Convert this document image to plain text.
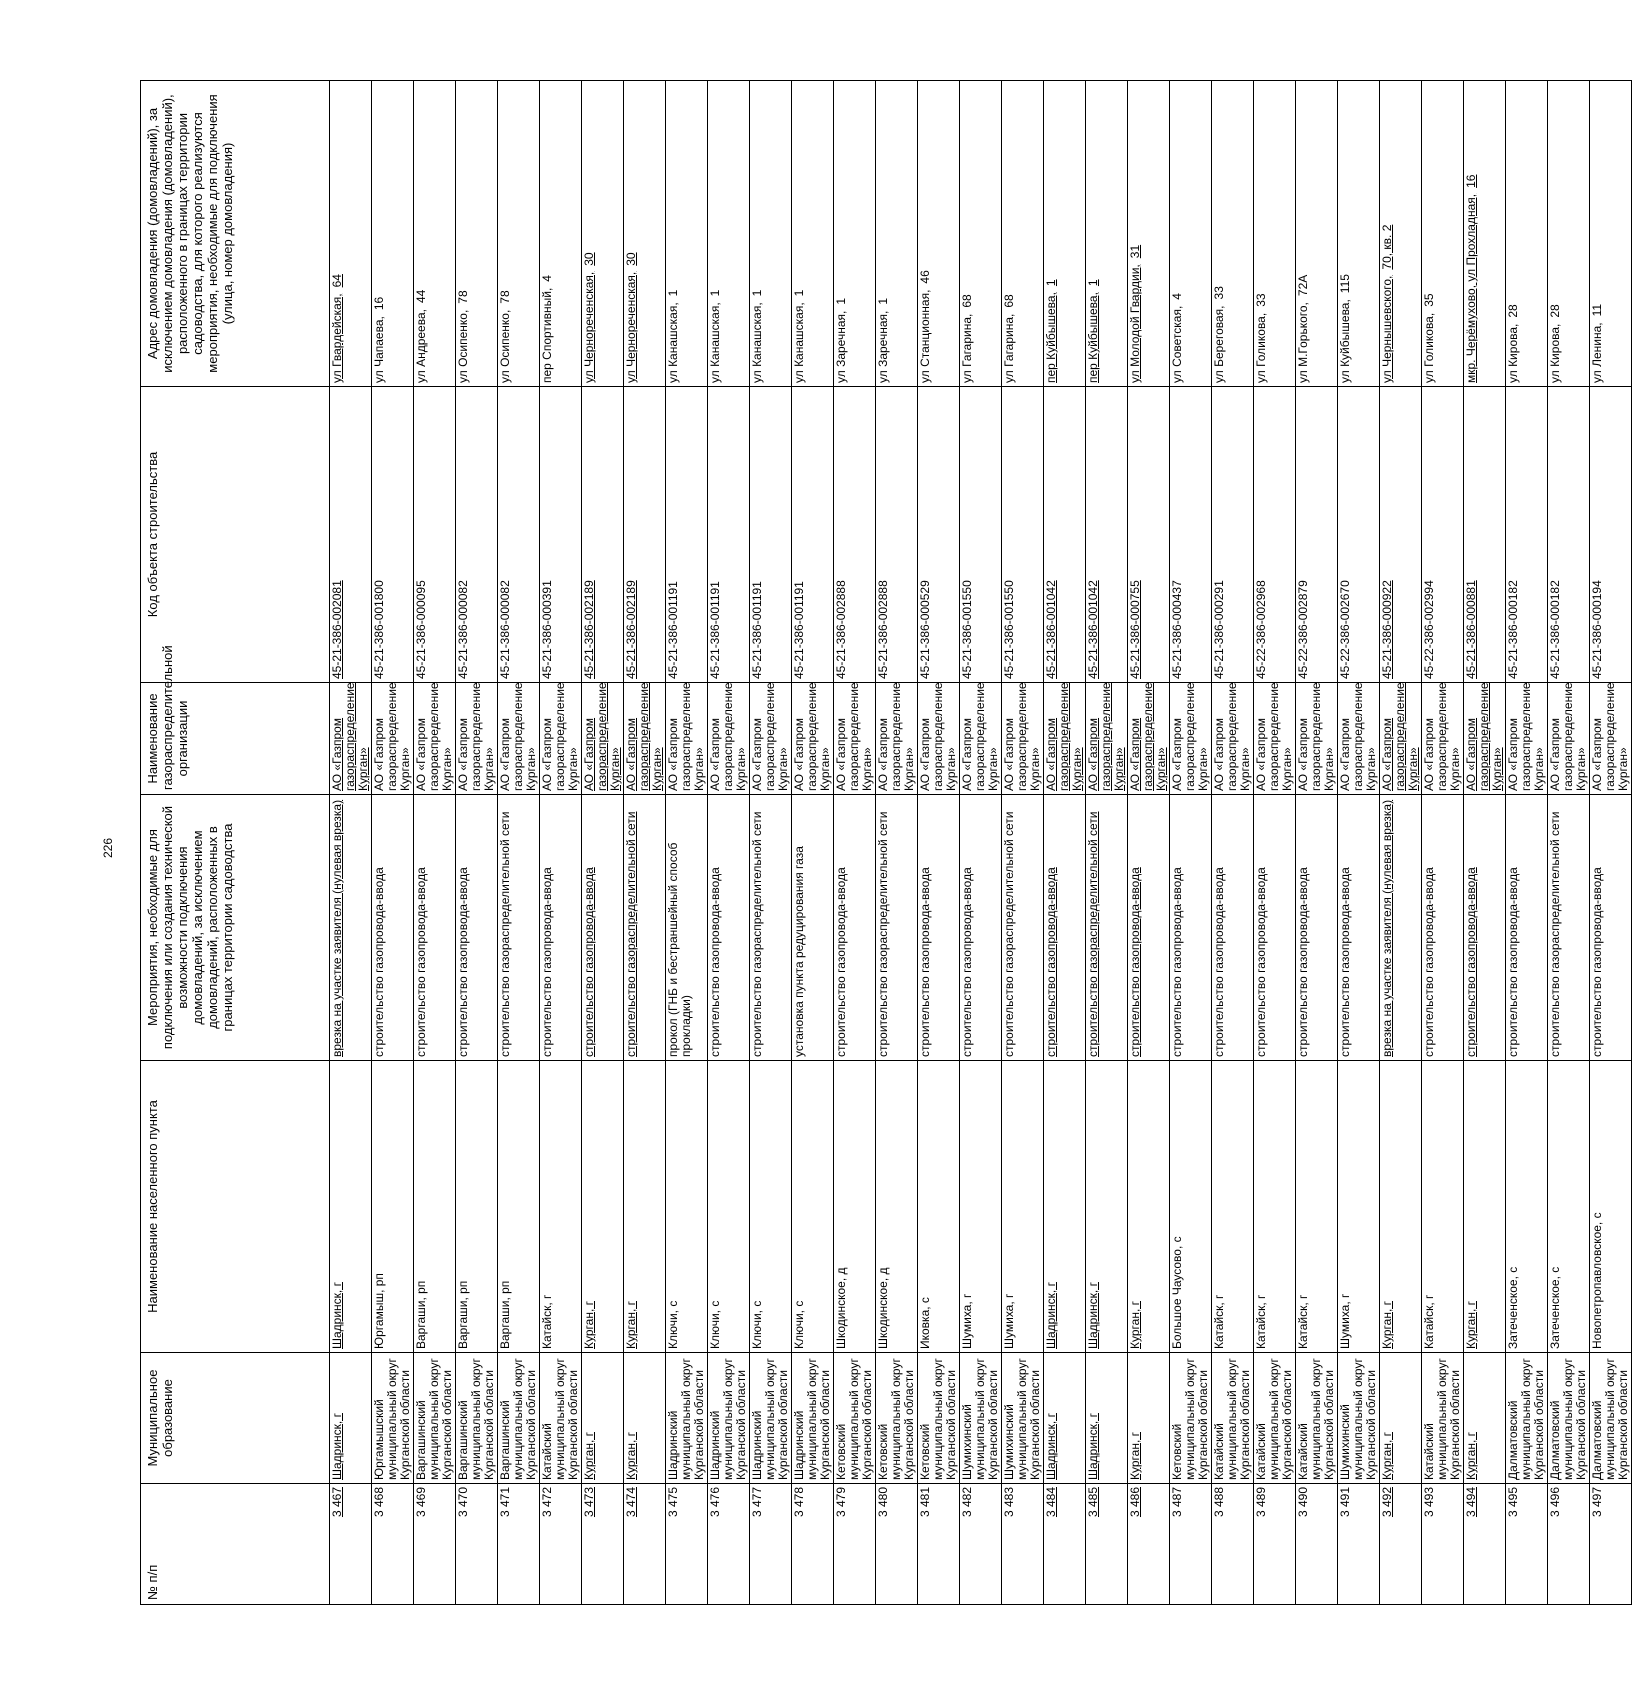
226
№ п/п	Муниципальное образование	Наименование населенного пункта	Мероприятия, необходимые для подключения или создания технической возможности подключения домовладений, за исключением домовладений, расположенных в границах территории садоводства	Наименование газораспределительной организации	Код объекта строительства	Адрес домовладения (домовладений), за исключением домовладения (домовладений), расположенного в границах территории садоводства, для которого реализуются мероприятия, необходимые для подключения (улица, номер домовладения)
3 467	Шадринск, г	Шадринск, г	врезка на участке заявителя (нулевая врезка)	АО «Газпром газораспределение Курган»	45-21-386-002081	ул Гвардейская,64
3 468	Юргамышский муниципальный округ Курганской области	Юргамыш, рп	строительство газопровода-ввода	АО «Газпром газораспределение Курган»	45-21-386-001800	ул Чапаева,16
3 469	Варгашинский муниципальный округ Курганской области	Варгаши, рп	строительство газопровода-ввода	АО «Газпром газораспределение Курган»	45-21-386-000095	ул Андреева,44
3 470	Варгашинский муниципальный округ Курганской области	Варгаши, рп	строительство газопровода-ввода	АО «Газпром газораспределение Курган»	45-21-386-000082	ул Осипенко,78
3 471	Варгашинский муниципальный округ Курганской области	Варгаши, рп	строительство газораспределительной сети	АО «Газпром газораспределение Курган»	45-21-386-000082	ул Осипенко,78
3 472	Катайский муниципальный округ Курганской области	Катайск, г	строительство газопровода-ввода	АО «Газпром газораспределение Курган»	45-21-386-000391	пер Спортивный,4
3 473	Курган, г	Курган, г	строительство газопровода-ввода	АО «Газпром газораспределение Курган»	45-21-386-002189	ул Чернореченская,30
3 474	Курган, г	Курган, г	строительство газораспределительной сети	АО «Газпром газораспределение Курган»	45-21-386-002189	ул Чернореченская,30
3 475	Шадринский муниципальный округ Курганской области	Ключи, с	прокол (ГНБ и бестраншейный способ прокладки)	АО «Газпром газораспределение Курган»	45-21-386-001191	ул Канашская,1
3 476	Шадринский муниципальный округ Курганской области	Ключи, с	строительство газопровода-ввода	АО «Газпром газораспределение Курган»	45-21-386-001191	ул Канашская,1
3 477	Шадринский муниципальный округ Курганской области	Ключи, с	строительство газораспределительной сети	АО «Газпром газораспределение Курган»	45-21-386-001191	ул Канашская,1
3 478	Шадринский муниципальный округ Курганской области	Ключи, с	установка пункта редуцирования газа	АО «Газпром газораспределение Курган»	45-21-386-001191	ул Канашская,1
3 479	Кетовский муниципальный округ Курганской области	Шкодинское, д	строительство газопровода-ввода	АО «Газпром газораспределение Курган»	45-21-386-002888	ул Заречная,1
3 480	Кетовский муниципальный округ Курганской области	Шкодинское, д	строительство газораспределительной сети	АО «Газпром газораспределение Курган»	45-21-386-002888	ул Заречная,1
3 481	Кетовский муниципальный округ Курганской области	Иковка, с	строительство газопровода-ввода	АО «Газпром газораспределение Курган»	45-21-386-000529	ул Станционная,46
3 482	Шумихинский муниципальный округ Курганской области	Шумиха, г	строительство газопровода-ввода	АО «Газпром газораспределение Курган»	45-21-386-001550	ул Гагарина,68
3 483	Шумихинский муниципальный округ Курганской области	Шумиха, г	строительство газораспределительной сети	АО «Газпром газораспределение Курган»	45-21-386-001550	ул Гагарина,68
3 484	Шадринск, г	Шадринск, г	строительство газопровода-ввода	АО «Газпром газораспределение Курган»	45-21-386-001042	пер Куйбышева,1
3 485	Шадринск, г	Шадринск, г	строительство газораспределительной сети	АО «Газпром газораспределение Курган»	45-21-386-001042	пер Куйбышева,1
3 486	Курган, г	Курган, г	строительство газопровода-ввода	АО «Газпром газораспределение Курган»	45-21-386-000755	ул Молодой Гвардии,31
3 487	Кетовский муниципальный округ Курганской области	Большое Чаусово, с	строительство газопровода-ввода	АО «Газпром газораспределение Курган»	45-21-386-000437	ул Советская,4
3 488	Катайский муниципальный округ Курганской области	Катайск, г	строительство газопровода-ввода	АО «Газпром газораспределение Курган»	45-21-386-000291	ул Береговая,33
3 489	Катайский муниципальный округ Курганской области	Катайск, г	строительство газопровода-ввода	АО «Газпром газораспределение Курган»	45-22-386-002968	ул Голикова,33
3 490	Катайский муниципальный округ Курганской области	Катайск, г	строительство газопровода-ввода	АО «Газпром газораспределение Курган»	45-22-386-002879	ул М.Горького,72А
3 491	Шумихинский муниципальный округ Курганской области	Шумиха, г	строительство газопровода-ввода	АО «Газпром газораспределение Курган»	45-22-386-002670	ул Куйбышева,115
3 492	Курган, г	Курган, г	врезка на участке заявителя (нулевая врезка)	АО «Газпром газораспределение Курган»	45-21-386-000922	ул Чернышевского,70, кв. 2
3 493	Катайский муниципальный округ Курганской области	Катайск, г	строительство газопровода-ввода	АО «Газпром газораспределение Курган»	45-22-386-002994	ул Голикова,35
3 494	Курган, г	Курган, г	строительство газопровода-ввода	АО «Газпром газораспределение Курган»	45-21-386-000881	мкр. Черёмухово, ул Прохладная,16
3 495	Далматовский муниципальный округ Курганской области	Затеченское, с	строительство газопровода-ввода	АО «Газпром газораспределение Курган»	45-21-386-000182	ул Кирова,28
3 496	Далматовский муниципальный округ Курганской области	Затеченское, с	строительство газораспределительной сети	АО «Газпром газораспределение Курган»	45-21-386-000182	ул Кирова,28
3 497	Далматовский муниципальный округ Курганской области	Новопетропавловское, с	строительство газопровода-ввода	АО «Газпром газораспределение Курган»	45-21-386-000194	ул Ленина,11
